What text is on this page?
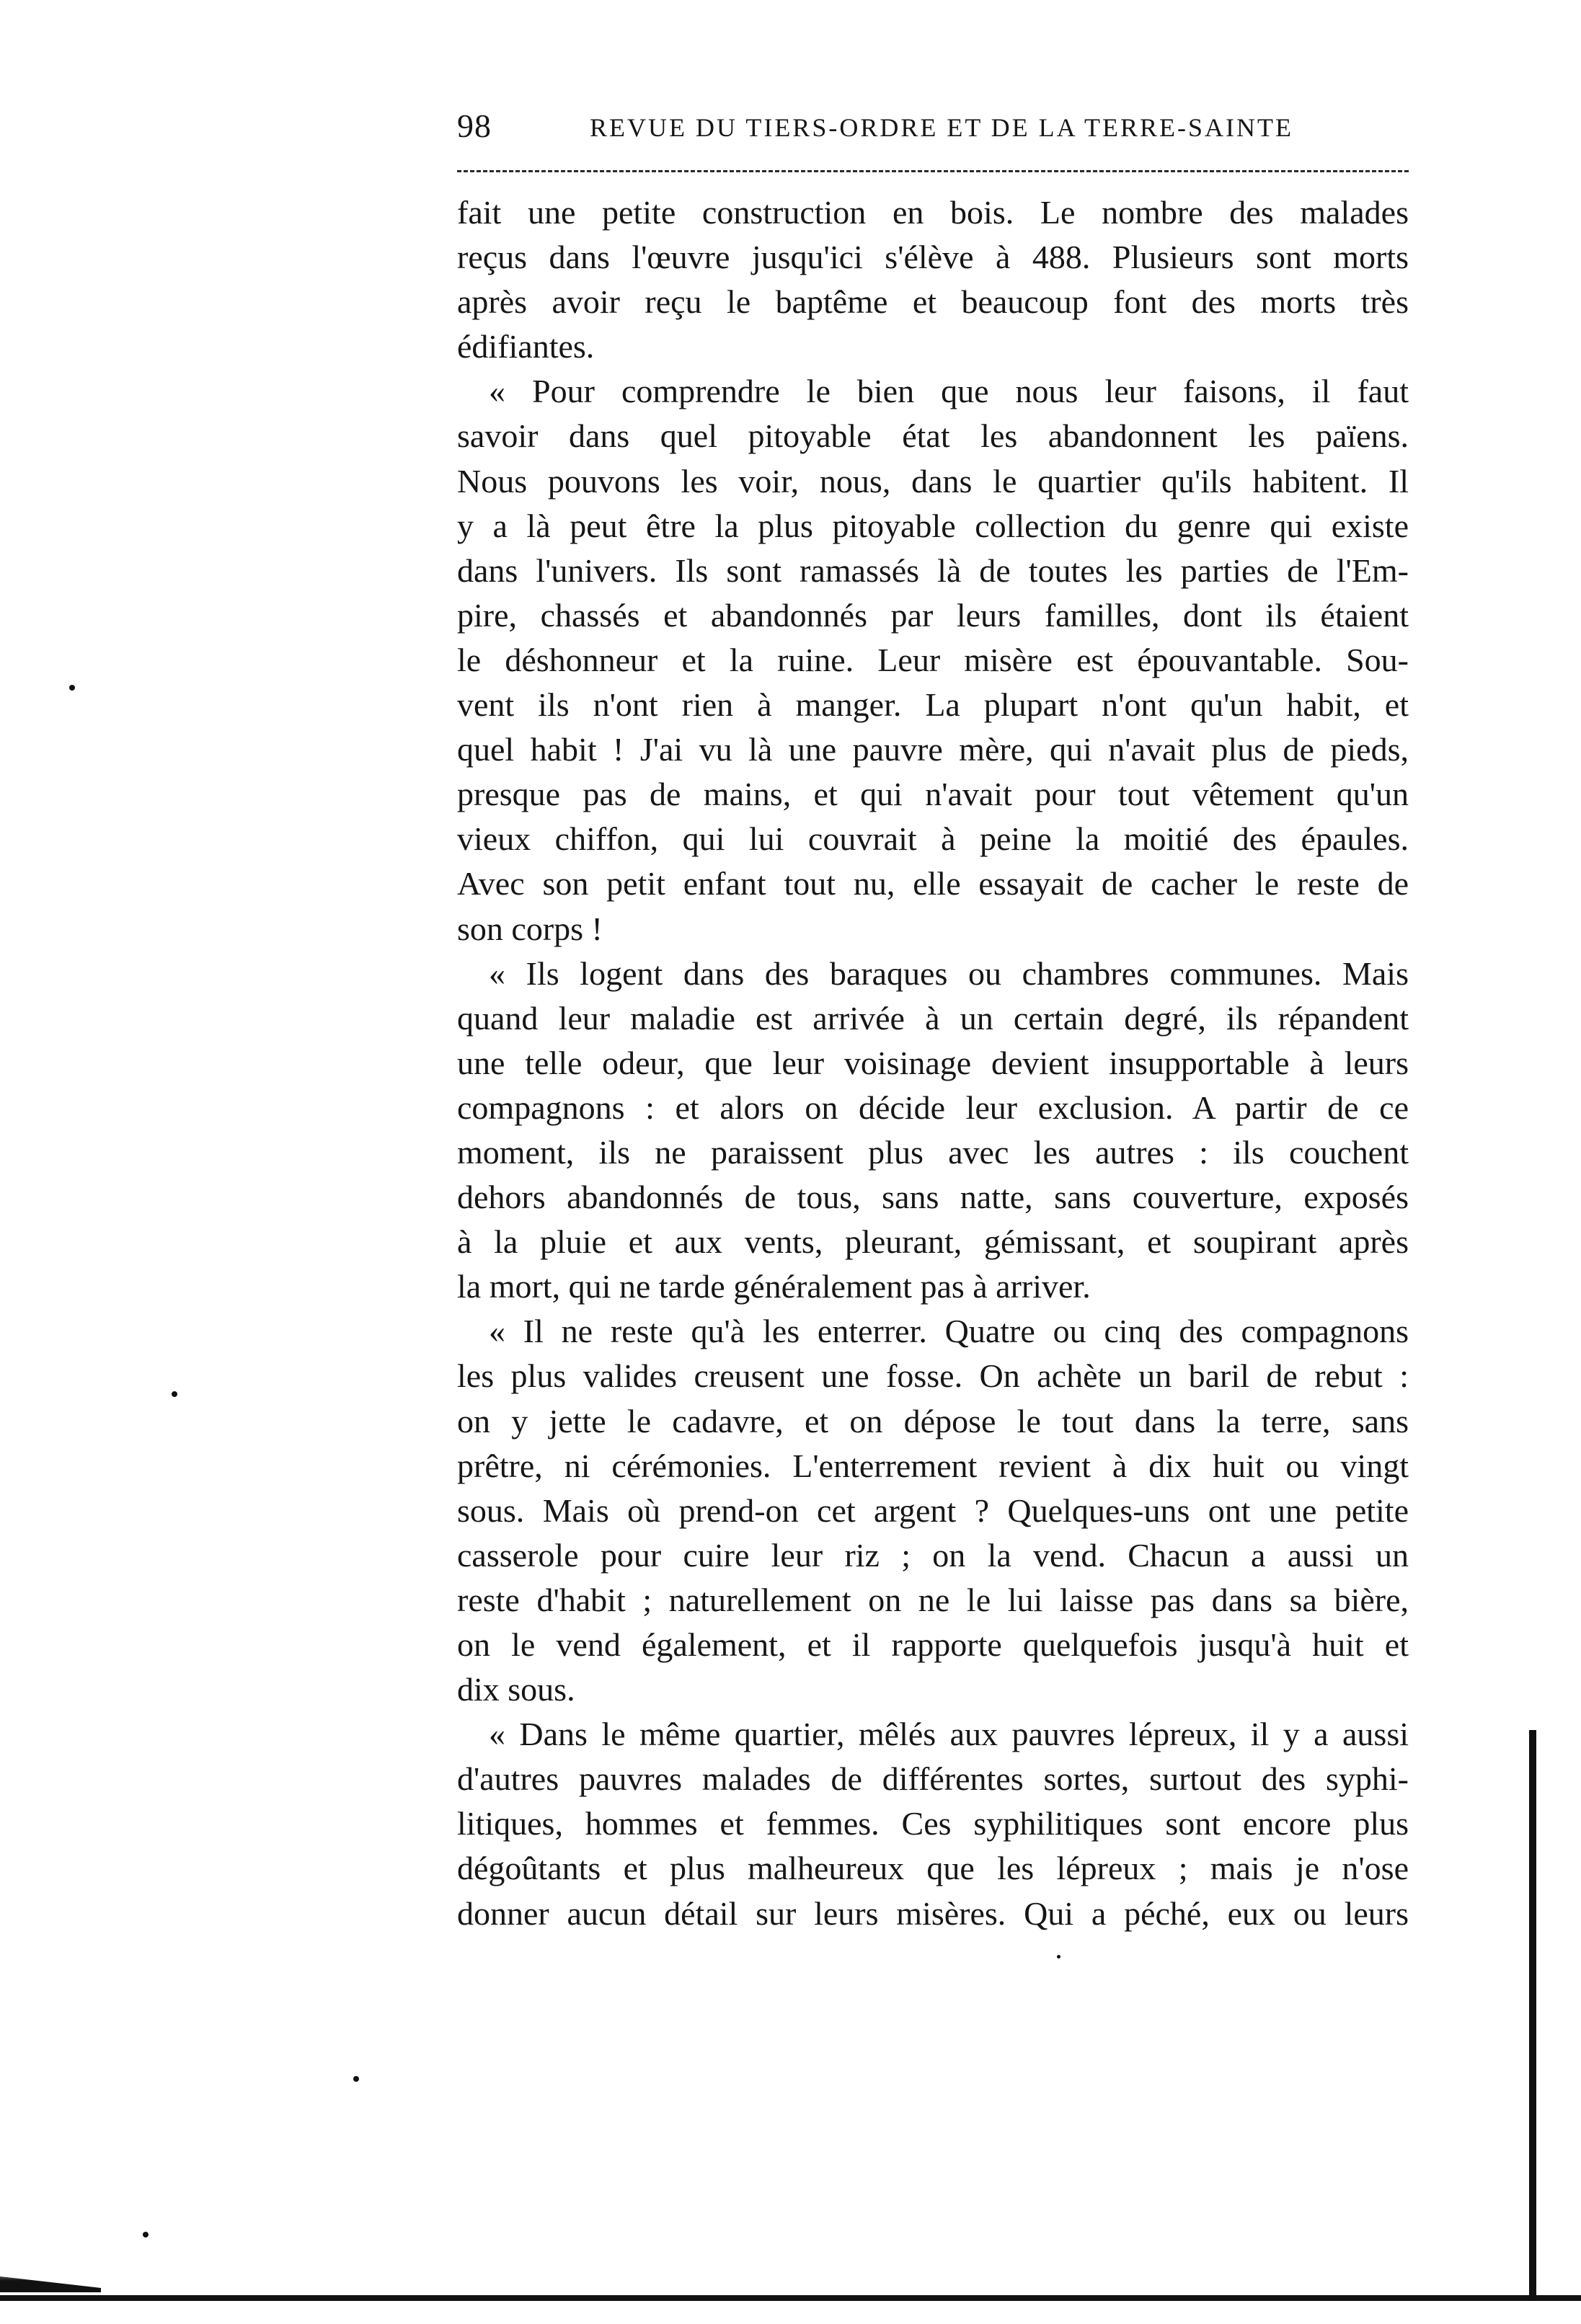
98	REVUE DU TIERS-ORDRE ET DE LA TERRE-SAINTE
fait une petite construction en bois. Le nombre des malades
reçus dans l'œuvre jusqu'ici s'élève à 488. Plusieurs sont morts
après avoir reçu le baptême et beaucoup font des morts très
édifiantes.
« Pour comprendre le bien que nous leur faisons, il faut
savoir dans quel pitoyable état les abandonnent les païens.
Nous pouvons les voir, nous, dans le quartier qu'ils habitent. Il
y a là peut être la plus pitoyable collection du genre qui existe
dans l'univers. Ils sont ramassés là de toutes les parties de l'Em-
pire, chassés et abandonnés par leurs familles, dont ils étaient
le déshonneur et la ruine. Leur misère est épouvantable. Sou-
vent ils n'ont rien à manger. La plupart n'ont qu'un habit, et
quel habit ! J'ai vu là une pauvre mère, qui n'avait plus de pieds,
presque pas de mains, et qui n'avait pour tout vêtement qu'un
vieux chiffon, qui lui couvrait à peine la moitié des épaules.
Avec son petit enfant tout nu, elle essayait de cacher le reste de
son corps !
« Ils logent dans des baraques ou chambres communes. Mais
quand leur maladie est arrivée à un certain degré, ils répandent
une telle odeur, que leur voisinage devient insupportable à leurs
compagnons : et alors on décide leur exclusion. A partir de ce
moment, ils ne paraissent plus avec les autres : ils couchent
dehors abandonnés de tous, sans natte, sans couverture, exposés
à la pluie et aux vents, pleurant, gémissant, et soupirant après
la mort, qui ne tarde généralement pas à arriver.
« Il ne reste qu'à les enterrer. Quatre ou cinq des compagnons
les plus valides creusent une fosse. On achète un baril de rebut :
on y jette le cadavre, et on dépose le tout dans la terre, sans
prêtre, ni cérémonies. L'enterrement revient à dix huit ou vingt
sous. Mais où prend-on cet argent ? Quelques-uns ont une petite
casserole pour cuire leur riz ; on la vend. Chacun a aussi un
reste d'habit ; naturellement on ne le lui laisse pas dans sa bière,
on le vend également, et il rapporte quelquefois jusqu'à huit et
dix sous.
« Dans le même quartier, mêlés aux pauvres lépreux, il y a aussi
d'autres pauvres malades de différentes sortes, surtout des syphi-
litiques, hommes et femmes. Ces syphilitiques sont encore plus
dégoûtants et plus malheureux que les lépreux ; mais je n'ose
donner aucun détail sur leurs misères. Qui a péché, eux ou leurs
